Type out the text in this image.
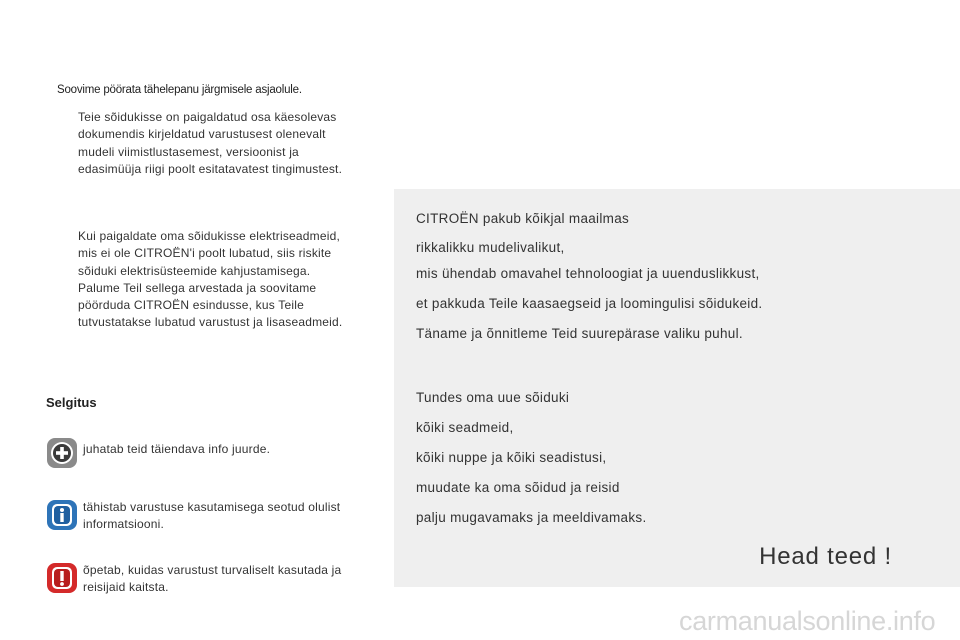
Soovime pöörata tähelepanu järgmisele asjaolule.
Teie sõidukisse on paigaldatud osa käesolevas
dokumendis kirjeldatud varustusest olenevalt
mudeli viimistlustasemest, versioonist ja
edasimüüja riigi poolt esitatavatest tingimustest.
Kui paigaldate oma sõidukisse elektriseadmeid,
mis ei ole CITROËN'i poolt lubatud, siis riskite
sõiduki elektrisüsteemide kahjustamisega.
Palume Teil sellega arvestada ja soovitame
pöörduda CITROËN esindusse, kus Teile
tutvustatakse lubatud varustust ja lisaseadmeid.
Selgitus
juhatab teid täiendava info juurde.
tähistab varustuse kasutamisega seotud olulist
informatsiooni.
õpetab, kuidas varustust turvaliselt kasutada ja
reisijaid kaitsta.
CITROËN pakub kõikjal maailmas
rikkalikku mudelivalikut,
mis ühendab omavahel tehnoloogiat ja uuenduslikkust,
et pakkuda Teile kaasaegseid ja loomingulisi sõidukeid.
Täname ja õnnitleme Teid suurepärase valiku puhul.
Tundes oma uue sõiduki
kõiki seadmeid,
kõiki nuppe ja kõiki seadistusi,
muudate ka oma sõidud ja reisid
palju mugavamaks ja meeldivamaks.
Head teed !
carmanualsonline.info
